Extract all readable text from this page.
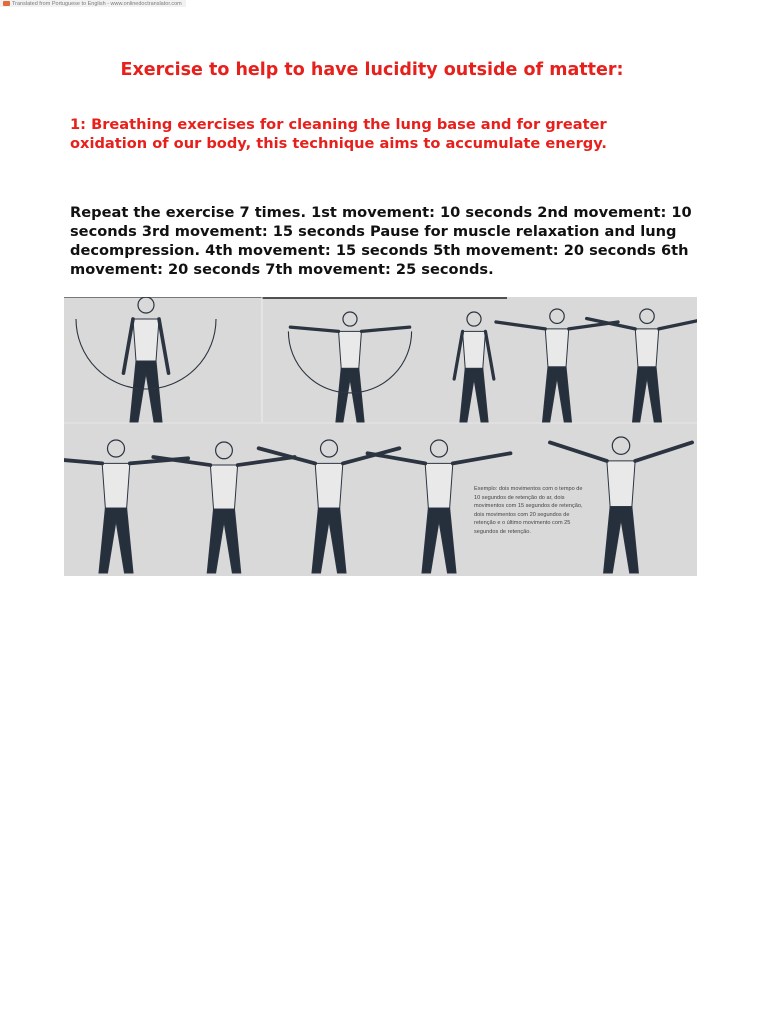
Translated from Portuguese to English - www.onlinedoctranslator.com
Exercise to help to have lucidity outside of matter:

1: Breathing exercises for cleaning the lung base and for greater oxidation of our body, this technique aims to accumulate energy.

Repeat the exercise 7 times. 1st movement: 10 seconds 2nd movement: 10 seconds 3rd movement: 15 seconds Pause for muscle relaxation and lung decompression. 4th movement: 15 seconds 5th movement: 20 seconds 6th movement: 20 seconds 7th movement: 25 seconds.

Exemplo: dois movimentos com o tempo de 10 segundos de retenção do ar, dois movimentos com 15 segundos de retenção, dois movimentos com 20 segundos de retenção e o último movimento com 25 segundos de retenção.
